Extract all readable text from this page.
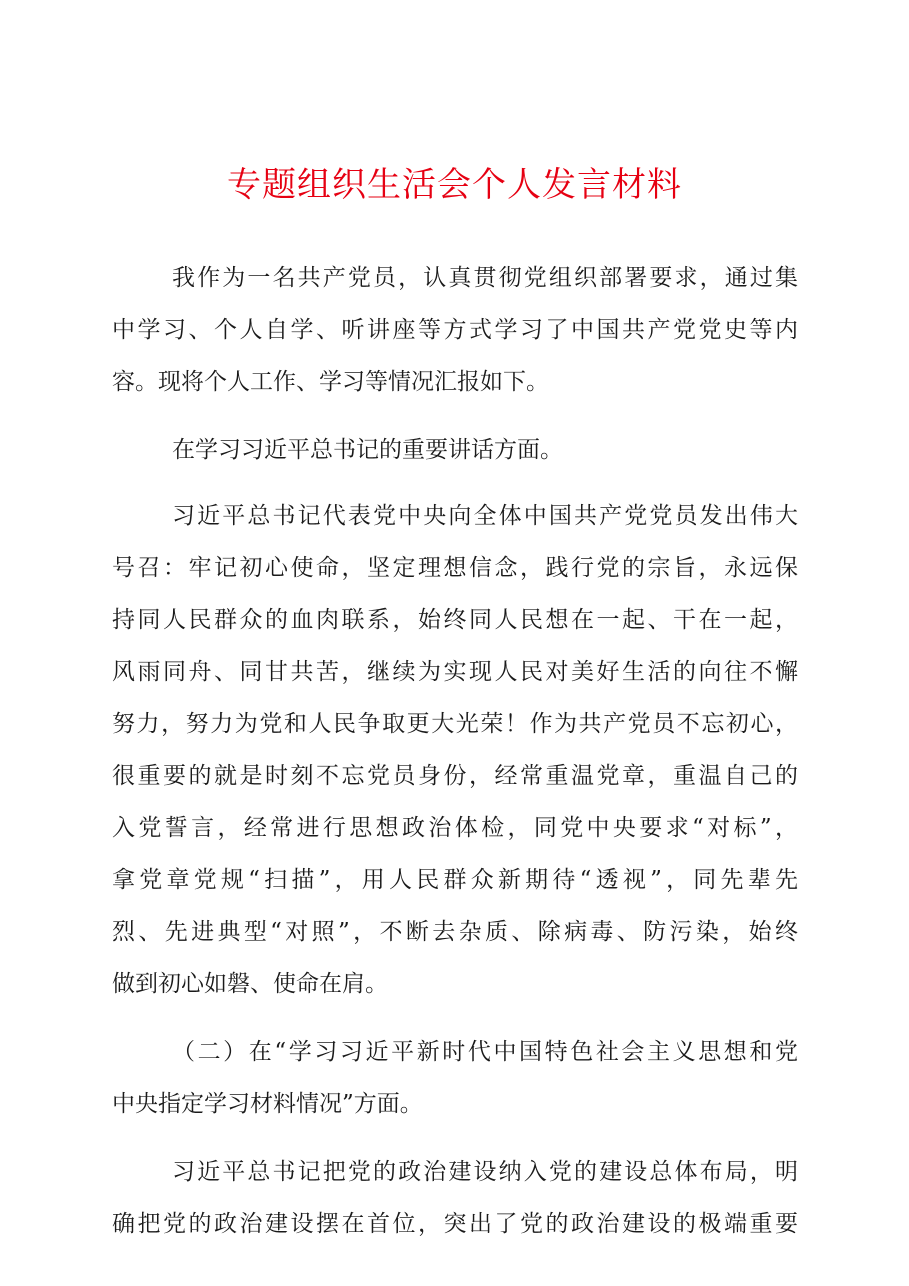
专题组织生活会个人发言材料
我作为一名共产党员，认真贯彻党组织部署要求，通过集
中学习、个人自学、听讲座等方式学习了中国共产党党史等内
容。现将个人工作、学习等情况汇报如下。
在学习习近平总书记的重要讲话方面。
习近平总书记代表党中央向全体中国共产党党员发出伟大
号召：牢记初心使命，坚定理想信念，践行党的宗旨，永远保
持同人民群众的血肉联系，始终同人民想在一起、干在一起，
风雨同舟、同甘共苦，继续为实现人民对美好生活的向往不懈
努力，努力为党和人民争取更大光荣！作为共产党员不忘初心，
很重要的就是时刻不忘党员身份，经常重温党章，重温自己的
入党誓言，经常进行思想政治体检，同党中央要求“对标”，
拿党章党规“扫描”，用人民群众新期待“透视”，同先辈先
烈、先进典型“对照”，不断去杂质、除病毒、防污染，始终
做到初心如磐、使命在肩。
（二）在“学习习近平新时代中国特色社会主义思想和党
中央指定学习材料情况”方面。
习近平总书记把党的政治建设纳入党的建设总体布局，明
确把党的政治建设摆在首位，突出了党的政治建设的极端重要
